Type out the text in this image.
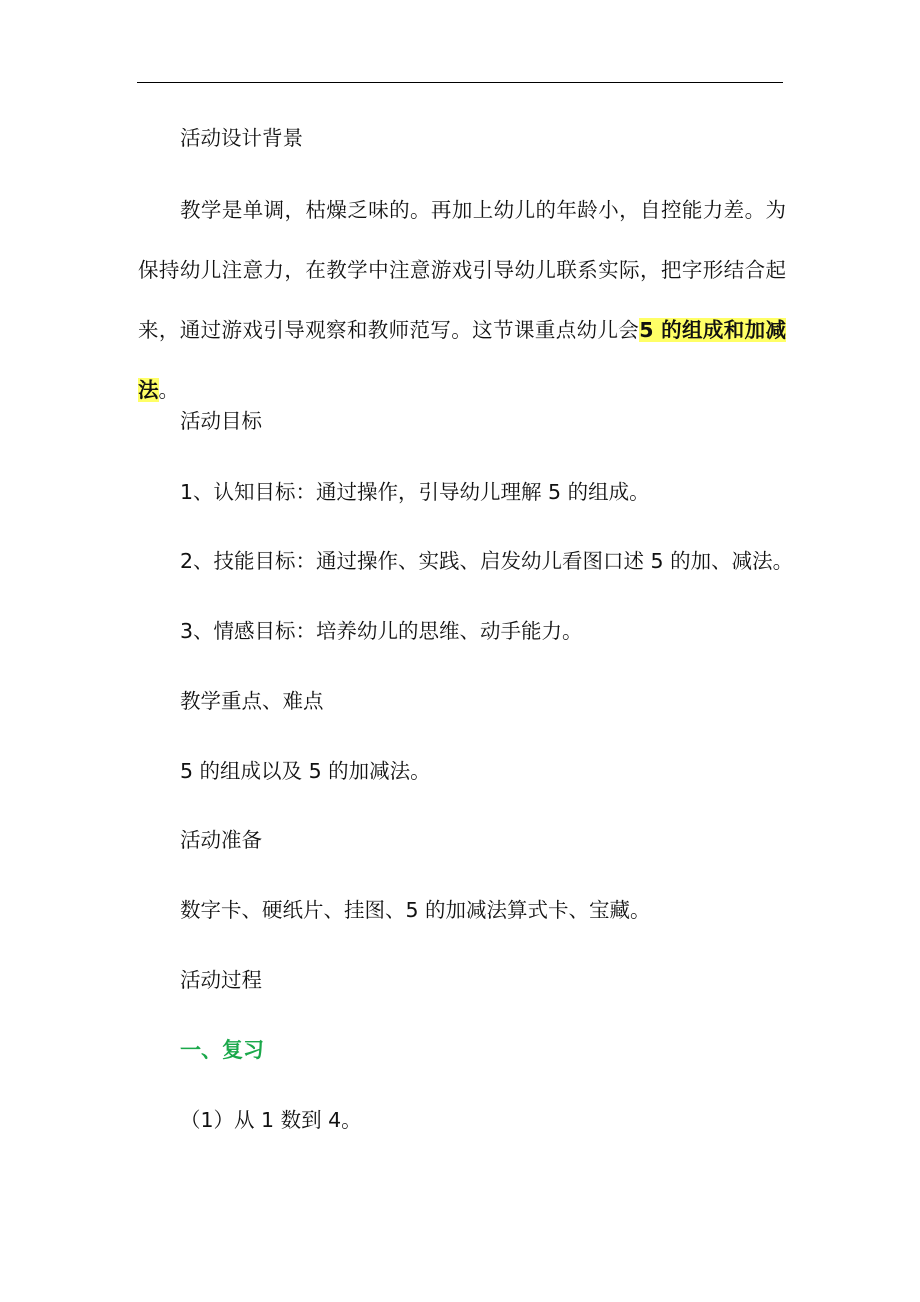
活动设计背景
教学是单调，枯燥乏味的。再加上幼儿的年龄小，自控能力差。为保持幼儿注意力，在教学中注意游戏引导幼儿联系实际，把字形结合起来，通过游戏引导观察和教师范写。这节课重点幼儿会5 的组成和加减法。
活动目标
1、认知目标：通过操作，引导幼儿理解 5 的组成。
2、技能目标：通过操作、实践、启发幼儿看图口述 5 的加、减法。
3、情感目标：培养幼儿的思维、动手能力。
教学重点、难点
5 的组成以及 5 的加减法。
活动准备
数字卡、硬纸片、挂图、5 的加减法算式卡、宝藏。
活动过程
一、复习
（1）从 1 数到 4。
